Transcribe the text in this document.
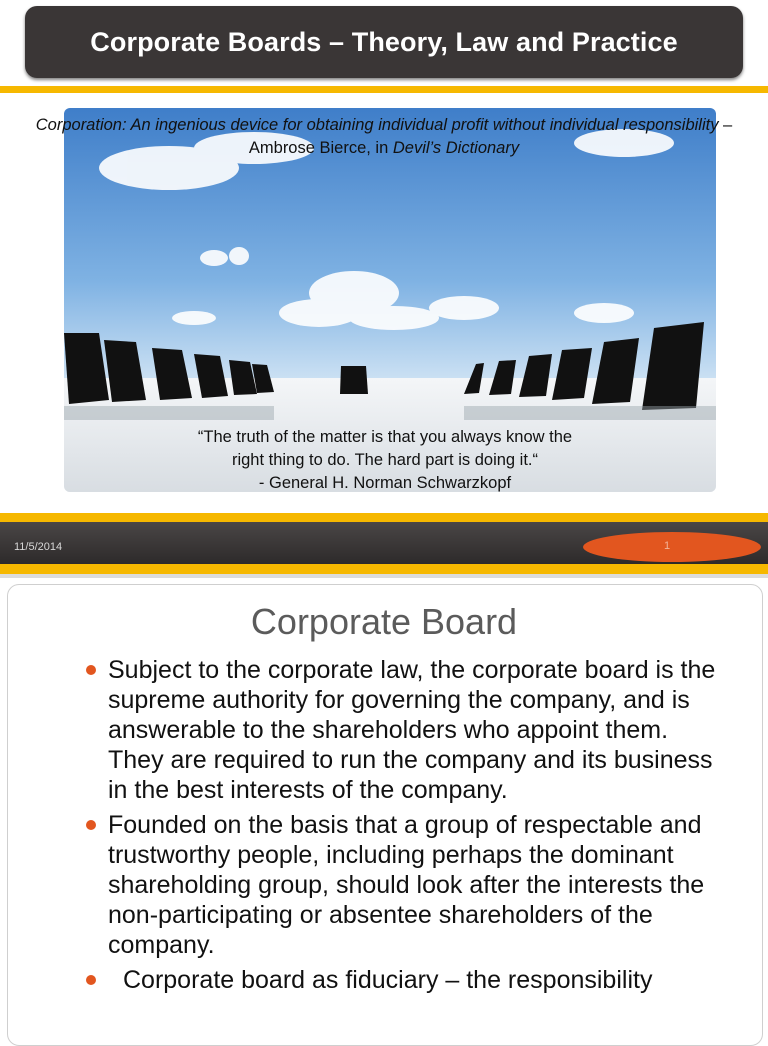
Corporate Boards – Theory, Law and Practice
Corporation: An ingenious device for obtaining individual profit without individual responsibility – Ambrose Bierce, in Devil’s Dictionary
“The truth of the matter is that you always know the
right thing to do. The hard part is doing it.“
- General H. Norman Schwarzkopf
11/5/2014	1
Corporate Board
Subject to the corporate law, the corporate board is the supreme authority for governing the company, and is answerable to the shareholders who appoint them. They are required to run the company and its business in the best interests of the company.
Founded on the basis that a group of respectable and trustworthy people, including perhaps the dominant shareholding group, should look after the interests the non-participating or absentee shareholders of the company.
Corporate board as fiduciary – the responsibility
